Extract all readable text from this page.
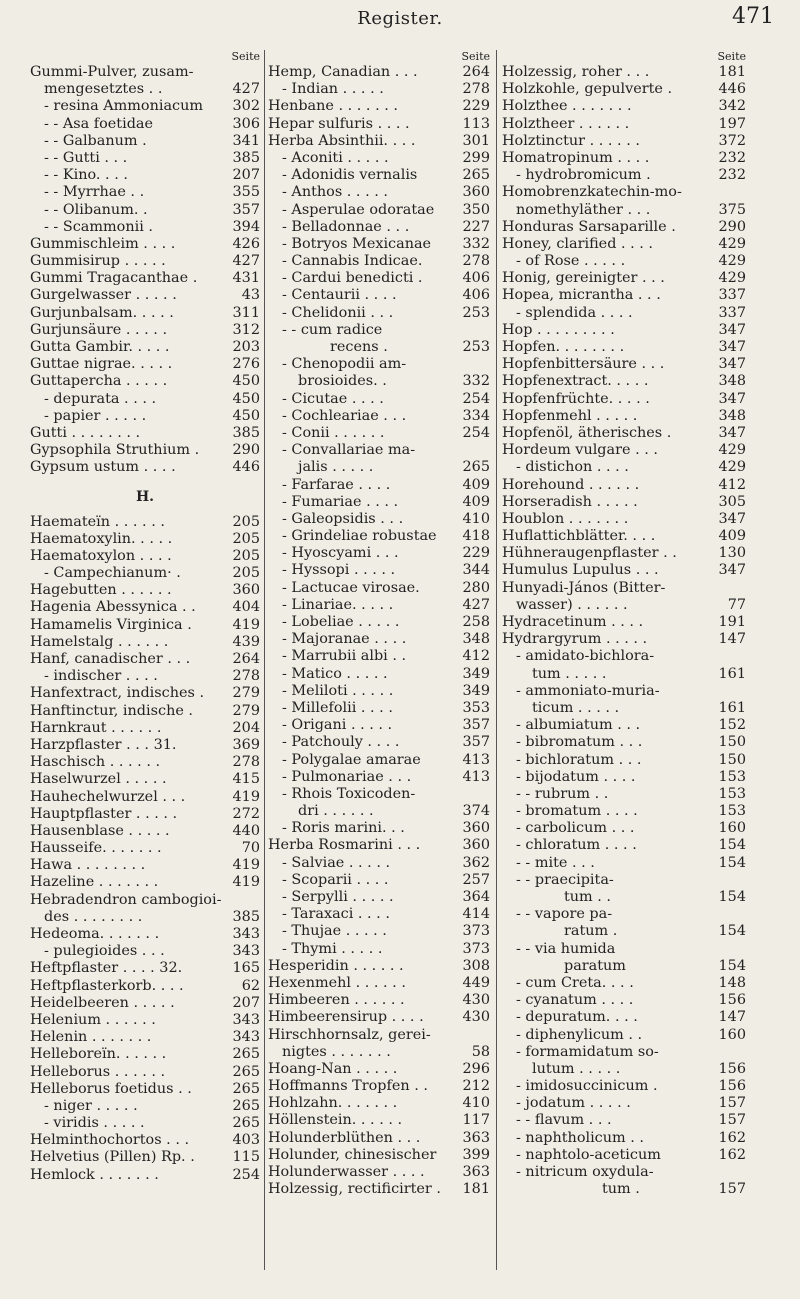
Register.	471
Seite
Gummi-Pulver, zusam-
mengesetztes . .	427
- resina Ammoniacum	302
- - Asa foetidae	306
- - Galbanum .	341
- - Gutti . . .	385
- - Kino. . . .	207
- - Myrrhae . .	355
- - Olibanum. .	357
- - Scammonii .	394
Gummischleim . . . .	426
Gummisirup . . . . .	427
Gummi Tragacanthae .	431
Gurgelwasser . . . . .	43
Gurjunbalsam. . . . .	311
Gurjunsäure . . . . .	312
Gutta Gambir. . . . .	203
Guttae nigrae. . . . .	276
Guttapercha . . . . .	450
- depurata . . . .	450
- papier . . . . .	450
Gutti . . . . . . . .	385
Gypsophila Struthium .	290
Gypsum ustum . . . .	446
H.
Haemateïn . . . . . .	205
Haematoxylin. . . . .	205
Haematoxylon . . . .	205
- Campechianum· .	205
Hagebutten . . . . . .	360
Hagenia Abessynica . .	404
Hamamelis Virginica .	419
Hamelstalg . . . . . .	439
Hanf, canadischer . . .	264
- indischer . . . .	278
Hanfextract, indisches .	279
Hanftinctur, indische .	279
Harnkraut . . . . . .	204
Harzpflaster . . . 31.	369
Haschisch . . . . . .	278
Haselwurzel . . . . .	415
Hauhechelwurzel . . .	419
Hauptpflaster . . . . .	272
Hausenblase . . . . .	440
Hausseife. . . . . . .	70
Hawa . . . . . . . .	419
Hazeline . . . . . . .	419
Hebradendron cambogioi-
des . . . . . . . .	385
Hedeoma. . . . . . .	343
- pulegioides . . .	343
Heftpflaster . . . . 32.	165
Heftpflasterkorb. . . .	62
Heidelbeeren . . . . .	207
Helenium . . . . . .	343
Helenin . . . . . . .	343
Helleboreïn. . . . . .	265
Helleborus . . . . . .	265
Helleborus foetidus . .	265
- niger . . . . .	265
- viridis . . . . .	265
Helminthochortos . . .	403
Helvetius (Pillen) Rp. .	115
Hemlock . . . . . . .	254
Seite
Hemp, Canadian . . .	264
- Indian . . . . .	278
Henbane . . . . . . .	229
Hepar sulfuris . . . .	113
Herba Absinthii. . . .	301
- Aconiti . . . . .	299
- Adonidis vernalis	265
- Anthos . . . . .	360
- Asperulae odoratae	350
- Belladonnae . . .	227
- Botryos Mexicanae	332
- Cannabis Indicae.	278
- Cardui benedicti .	406
- Centaurii . . . .	406
- Chelidonii . . .	253
- - cum radice
recens .	253
- Chenopodii am-
brosioides. .	332
- Cicutae . . . .	254
- Cochleariae . . .	334
- Conii . . . . . .	254
- Convallariae ma-
jalis . . . . .	265
- Farfarae . . . .	409
- Fumariae . . . .	409
- Galeopsidis . . .	410
- Grindeliae robustae	418
- Hyoscyami . . .	229
- Hyssopi . . . . .	344
- Lactucae virosae.	280
- Linariae. . . . .	427
- Lobeliae . . . . .	258
- Majoranae . . . .	348
- Marrubii albi . .	412
- Matico . . . . .	349
- Meliloti . . . . .	349
- Millefolii . . . .	353
- Origani . . . . .	357
- Patchouly . . . .	357
- Polygalae amarae	413
- Pulmonariae . . .	413
- Rhois Toxicoden-
dri . . . . . .	374
- Roris marini. . .	360
Herba Rosmarini . . .	360
- Salviae . . . . .	362
- Scoparii . . . .	257
- Serpylli . . . . .	364
- Taraxaci . . . .	414
- Thujae . . . . .	373
- Thymi . . . . .	373
Hesperidin . . . . . .	308
Hexenmehl . . . . . .	449
Himbeeren . . . . . .	430
Himbeerensirup . . . .	430
Hirschhornsalz, gerei-
nigtes . . . . . . .	58
Hoang-Nan . . . . .	296
Hoffmanns Tropfen . .	212
Hohlzahn. . . . . . .	410
Höllenstein. . . . . .	117
Holunderblüthen . . .	363
Holunder, chinesischer	399
Holunderwasser . . . .	363
Holzessig, rectificirter .	181
Seite
Holzessig, roher . . .	181
Holzkohle, gepulverte .	446
Holzthee . . . . . . .	342
Holztheer . . . . . .	197
Holztinctur . . . . . .	372
Homatropinum . . . .	232
- hydrobromicum .	232
Homobrenzkatechin-mo-
nomethyläther . . .	375
Honduras Sarsaparille .	290
Honey, clarified . . . .	429
- of Rose . . . . .	429
Honig, gereinigter . . .	429
Hopea, micrantha . . .	337
- splendida . . . .	337
Hop . . . . . . . . .	347
Hopfen. . . . . . . .	347
Hopfenbittersäure . . .	347
Hopfenextract. . . . .	348
Hopfenfrüchte. . . . .	347
Hopfenmehl . . . . .	348
Hopfenöl, ätherisches .	347
Hordeum vulgare . . .	429
- distichon . . . .	429
Horehound . . . . . .	412
Horseradish . . . . .	305
Houblon . . . . . . .	347
Huflattichblätter. . . .	409
Hühneraugenpflaster . .	130
Humulus Lupulus . . .	347
Hunyadi-János (Bitter-
wasser) . . . . . .	77
Hydracetinum . . . .	191
Hydrargyrum . . . . .	147
- amidato-bichlora-
tum . . . . .	161
- ammoniato-muria-
ticum . . . . .	161
- albumiatum . . .	152
- bibromatum . . .	150
- bichloratum . . .	150
- bijodatum . . . .	153
- - rubrum . .	153
- bromatum . . . .	153
- carbolicum . . .	160
- chloratum . . . .	154
- - mite . . .	154
- - praecipita-
tum . .	154
- - vapore pa-
ratum .	154
- - via humida
paratum	154
- cum Creta. . . .	148
- cyanatum . . . .	156
- depuratum. . . .	147
- diphenylicum . .	160
- formamidatum so-
lutum . . . . .	156
- imidosuccinicum .	156
- jodatum . . . . .	157
- - flavum . . .	157
- naphtholicum . .	162
- naphtolo-aceticum	162
- nitricum oxydula-
tum .	157
